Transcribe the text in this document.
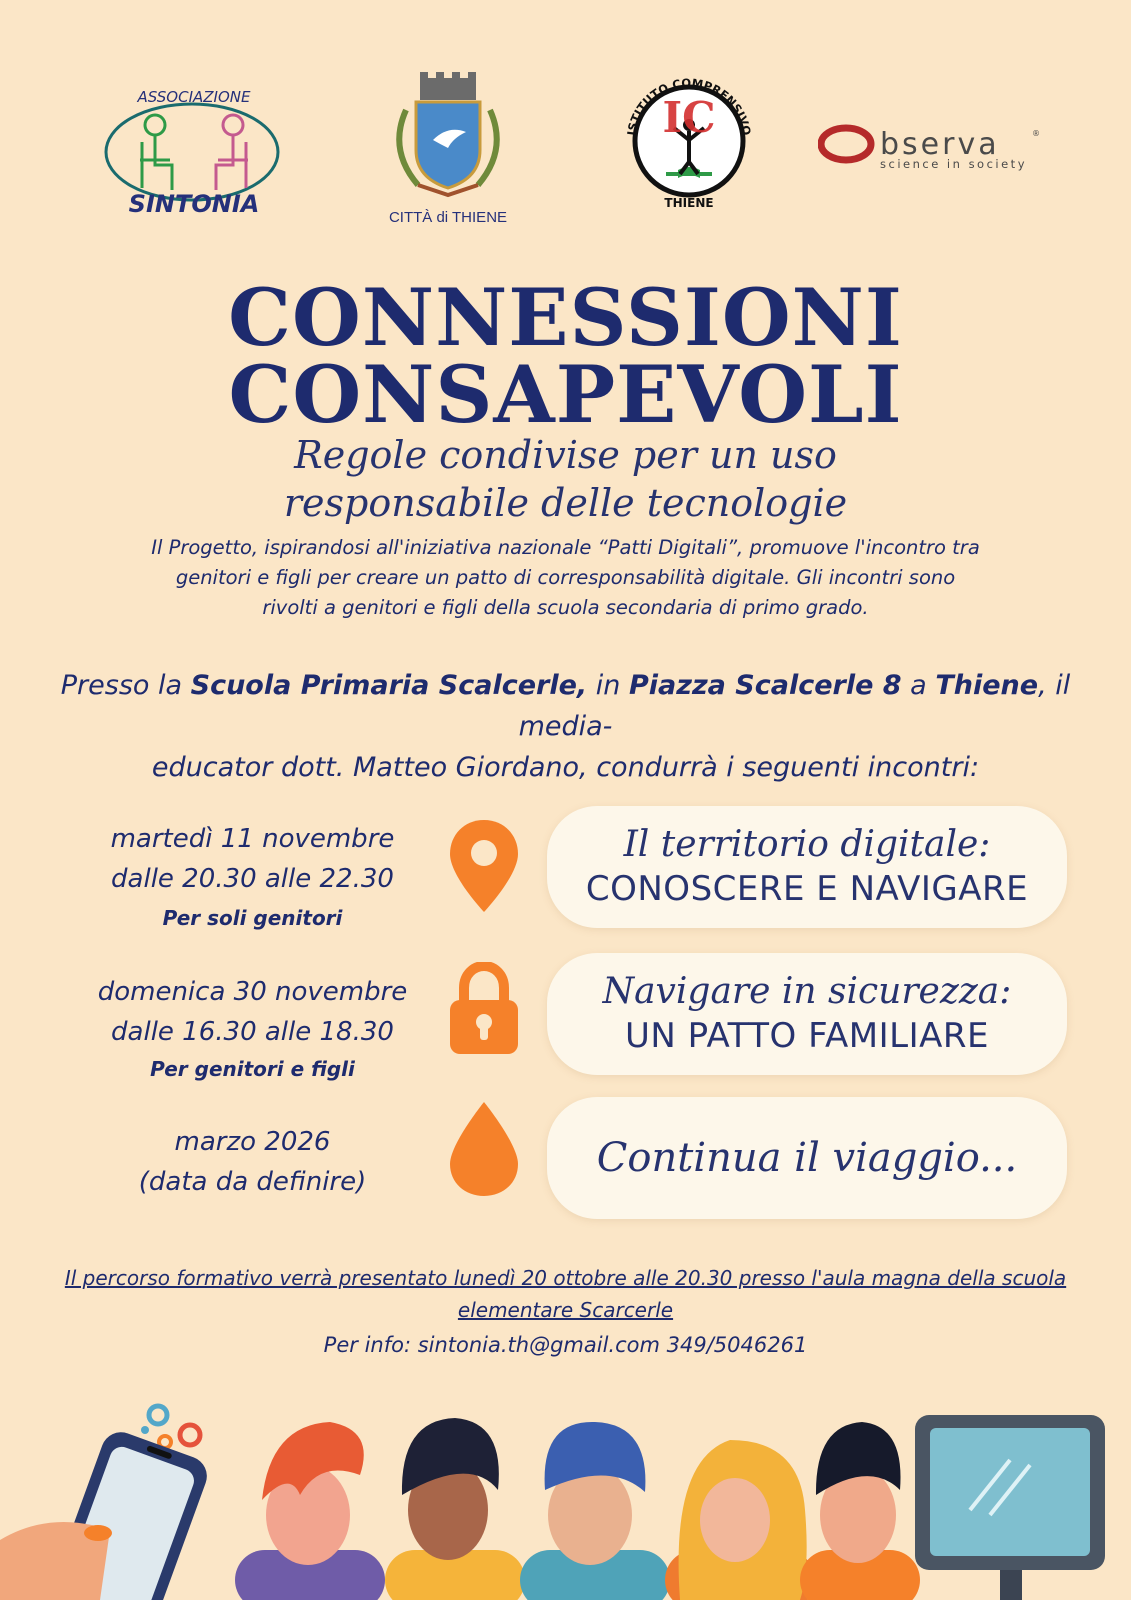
ASSOCIAZIONE
SINTONIA	CITTÀ di THIENE
IC
ISTITUTO COMPRENSIVO
THIENE
bserva	®
science in society
CONNESSIONI
CONSAPEVOLI
Regole condivise per un uso
responsabile delle tecnologie
Il Progetto, ispirandosi all'iniziativa nazionale “Patti Digitali”, promuove l'incontro tra
genitori e figli per creare un patto di corresponsabilità digitale. Gli incontri sono
rivolti a genitori e figli della scuola secondaria di primo grado.
Presso la Scuola Primaria Scalcerle, in Piazza Scalcerle 8 a Thiene, il media-
educator dott. Matteo Giordano, condurrà i seguenti incontri:
martedì 11 novembre
dalle 20.30 alle 22.30
Per soli genitori
Il territorio digitale:
CONOSCERE E NAVIGARE
domenica 30 novembre
dalle 16.30 alle 18.30
Per genitori e figli
Navigare in sicurezza:
UN PATTO FAMILIARE
marzo 2026
(data da definire)
Continua il viaggio...
Il percorso formativo verrà presentato lunedì 20 ottobre alle 20.30 presso l'aula magna della scuola
elementare Scarcerle
Per info: sintonia.th@gmail.com 349/5046261
